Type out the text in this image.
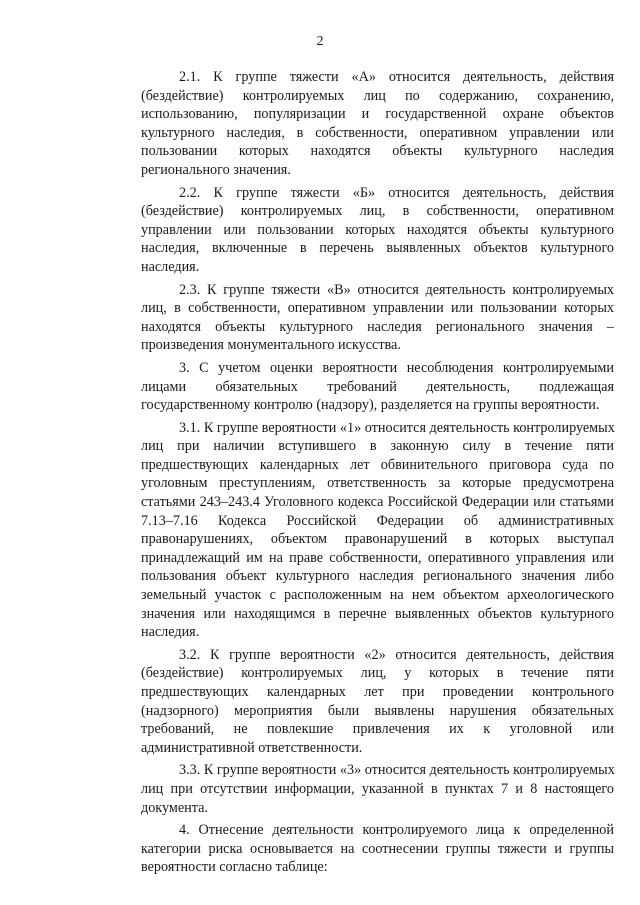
2
2.1. К группе тяжести «А» относится деятельность, действия
(бездействие) контролируемых лиц по содержанию, сохранению,
использованию, популяризации и государственной охране объектов
культурного наследия, в собственности, оперативном управлении или
пользовании которых находятся объекты культурного наследия
регионального значения.
2.2. К группе тяжести «Б» относится деятельность, действия
(бездействие) контролируемых лиц, в собственности, оперативном
управлении или пользовании которых находятся объекты культурного
наследия, включенные в перечень выявленных объектов культурного
наследия.
2.3. К группе тяжести «В» относится деятельность контролируемых
лиц, в собственности, оперативном управлении или пользовании которых
находятся объекты культурного наследия регионального значения –
произведения монументального искусства.
3. С учетом оценки вероятности несоблюдения контролируемыми
лицами обязательных требований деятельность, подлежащая
государственному контролю (надзору), разделяется на группы вероятности.
3.1. К группе вероятности «1» относится деятельность контролируемых
лиц при наличии вступившего в законную силу в течение пяти
предшествующих календарных лет обвинительного приговора суда по
уголовным преступлениям, ответственность за которые предусмотрена
статьями 243–243.4 Уголовного кодекса Российской Федерации или статьями
7.13–7.16 Кодекса Российской Федерации об административных
правонарушениях, объектом правонарушений в которых выступал
принадлежащий им на праве собственности, оперативного управления или
пользования объект культурного наследия регионального значения либо
земельный участок с расположенным на нем объектом археологического
значения или находящимся в перечне выявленных объектов культурного
наследия.
3.2. К группе вероятности «2» относится деятельность, действия
(бездействие) контролируемых лиц, у которых в течение пяти
предшествующих календарных лет при проведении контрольного
(надзорного) мероприятия были выявлены нарушения обязательных
требований, не повлекшие привлечения их к уголовной или
административной ответственности.
3.3. К группе вероятности «3» относится деятельность контролируемых
лиц при отсутствии информации, указанной в пунктах 7 и 8 настоящего
документа.
4. Отнесение деятельности контролируемого лица к определенной
категории риска основывается на соотнесении группы тяжести и группы
вероятности согласно таблице:
